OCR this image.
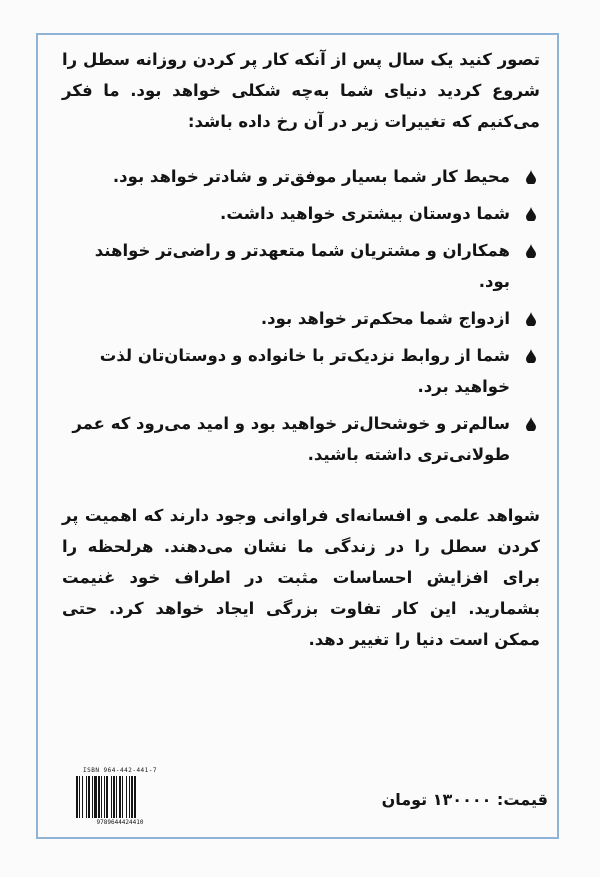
تصور کنید یک سال پس از آنکه کار پر کردن روزانه سطل را شروع کردید دنیای شما به‌چه شکلی خواهد بود. ما فکر می‌کنیم که تغییرات زیر در آن رخ داده باشد:

محیط کار شما بسیار موفق‌تر و شادتر خواهد بود.
شما دوستان بیشتری خواهید داشت.
همکاران و مشتریان شما متعهدتر و راضی‌تر خواهند بود.
ازدواج شما محکم‌تر خواهد بود.
شما از روابط نزدیک‌تر با خانواده و دوستان‌تان لذت خواهید برد.
سالم‌تر و خوشحال‌تر خواهید بود و امید می‌رود که عمر طولانی‌تری داشته باشید.

شواهد علمی و افسانه‌ای فراوانی وجود دارند که اهمیت پر کردن سطل را در زندگی ما نشان می‌دهند. هرلحظه را برای افزایش احساسات مثبت در اطراف خود غنیمت بشمارید. این کار تفاوت بزرگی ایجاد خواهد کرد. حتی ممکن است دنیا را تغییر دهد.

ISBN 964-442-441-7
9789644424410
قیمت: ۱۳۰۰۰۰ تومان
